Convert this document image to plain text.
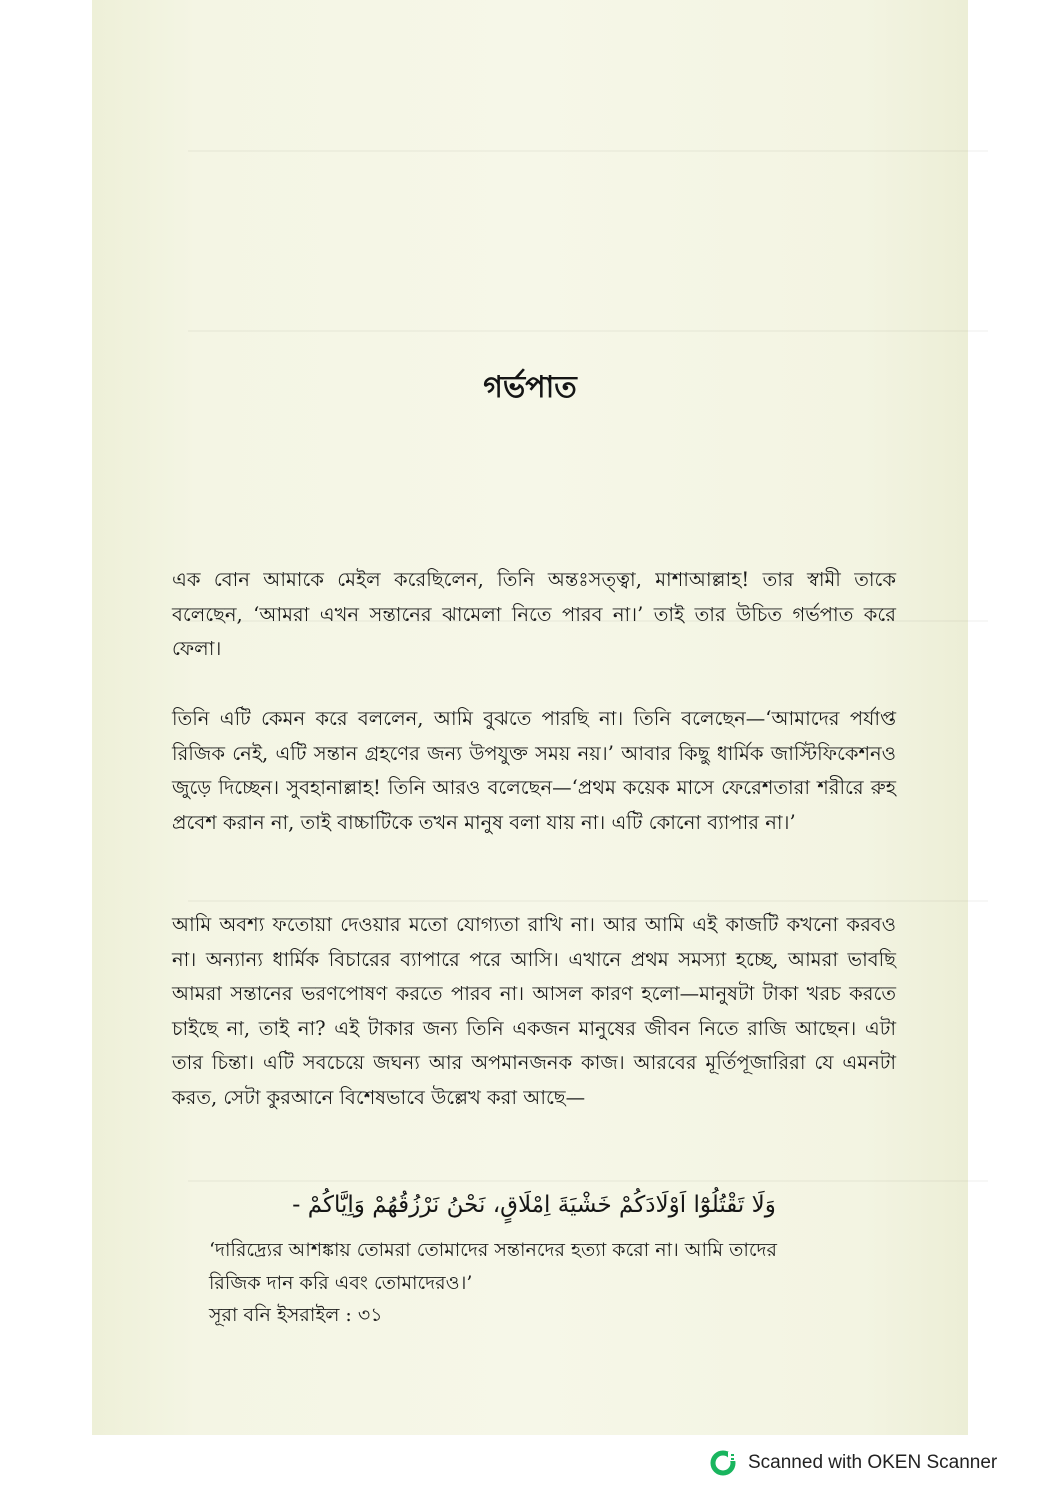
গর্ভপাত

এক বোন আমাকে মেইল করেছিলেন, তিনি অন্তঃসত্ত্বা, মাশাআল্লাহ! তার স্বামী তাকে বলেছেন, ‘আমরা এখন সন্তানের ঝামেলা নিতে পারব না।’ তাই তার উচিত গর্ভপাত করে ফেলা।

তিনি এটি কেমন করে বললেন, আমি বুঝতে পারছি না। তিনি বলেছেন—‘আমাদের পর্যাপ্ত রিজিক নেই, এটি সন্তান গ্রহণের জন্য উপযুক্ত সময় নয়।’ আবার কিছু ধার্মিক জাস্টিফিকেশনও জুড়ে দিচ্ছেন। সুবহানাল্লাহ! তিনি আরও বলেছেন—‘প্রথম কয়েক মাসে ফেরেশতারা শরীরে রুহ প্রবেশ করান না, তাই বাচ্চাটিকে তখন মানুষ বলা যায় না। এটি কোনো ব্যাপার না।’

আমি অবশ্য ফতোয়া দেওয়ার মতো যোগ্যতা রাখি না। আর আমি এই কাজটি কখনো করবও না। অন্যান্য ধার্মিক বিচারের ব্যাপারে পরে আসি। এখানে প্রথম সমস্যা হচ্ছে, আমরা ভাবছি আমরা সন্তানের ভরণপোষণ করতে পারব না। আসল কারণ হলো—মানুষটা টাকা খরচ করতে চাইছে না, তাই না? এই টাকার জন্য তিনি একজন মানুষের জীবন নিতে রাজি আছেন। এটা তার চিন্তা। এটি সবচেয়ে জঘন্য আর অপমানজনক কাজ। আরবের মূর্তিপূজারিরা যে এমনটা করত, সেটা কুরআনে বিশেষভাবে উল্লেখ করা আছে—

وَلَا تَقْتُلُوْٓا اَوْلَادَكُمْ خَشْيَةَ اِمْلَاقٍ، نَحْنُ نَرْزُقُهُمْ وَاِيَّاكُمْ -

‘দারিদ্র্যের আশঙ্কায় তোমরা তোমাদের সন্তানদের হত্যা করো না। আমি তাদের রিজিক দান করি এবং তোমাদেরও।’

সূরা বনি ইসরাইল : ৩১
Scanned with OKEN Scanner
